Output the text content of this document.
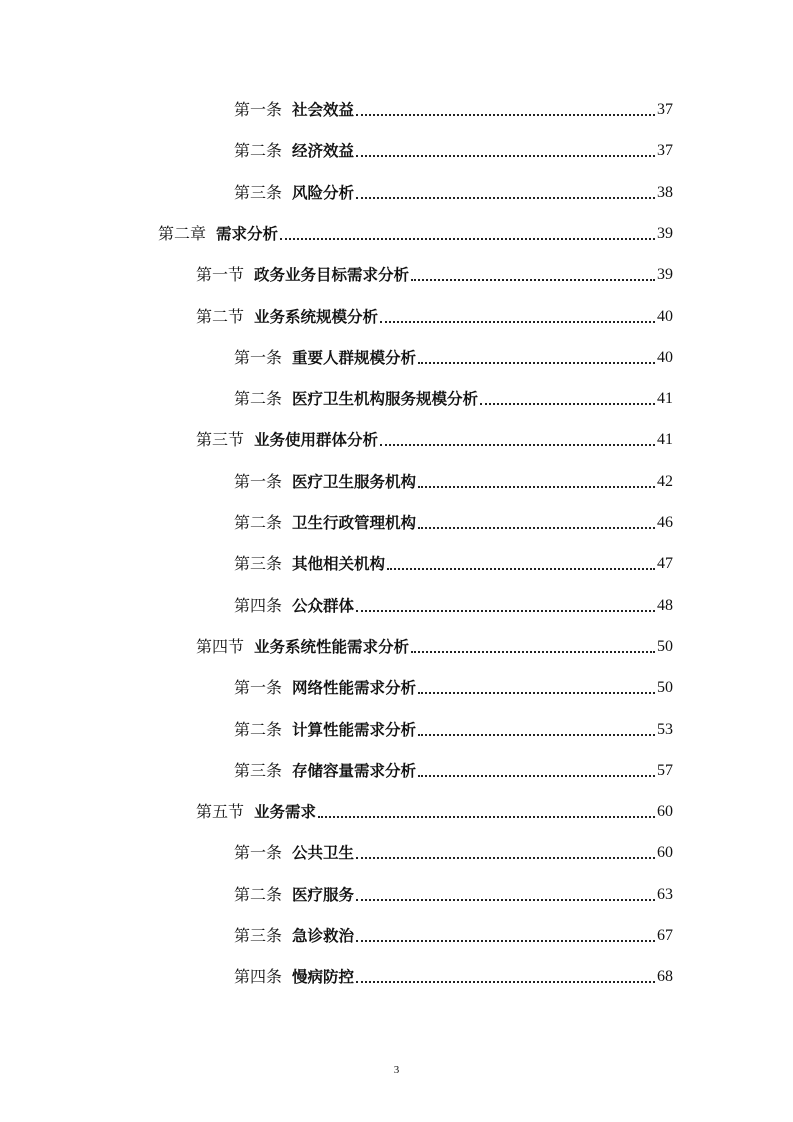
第一条 社会效益	37
第二条 经济效益	37
第三条 风险分析	38
第二章 需求分析	39
第一节 政务业务目标需求分析	39
第二节 业务系统规模分析	40
第一条 重要人群规模分析	40
第二条 医疗卫生机构服务规模分析	41
第三节 业务使用群体分析	41
第一条 医疗卫生服务机构	42
第二条 卫生行政管理机构	46
第三条 其他相关机构	47
第四条 公众群体	48
第四节 业务系统性能需求分析	50
第一条 网络性能需求分析	50
第二条 计算性能需求分析	53
第三条 存储容量需求分析	57
第五节 业务需求	60
第一条 公共卫生	60
第二条 医疗服务	63
第三条 急诊救治	67
第四条 慢病防控	68
3
